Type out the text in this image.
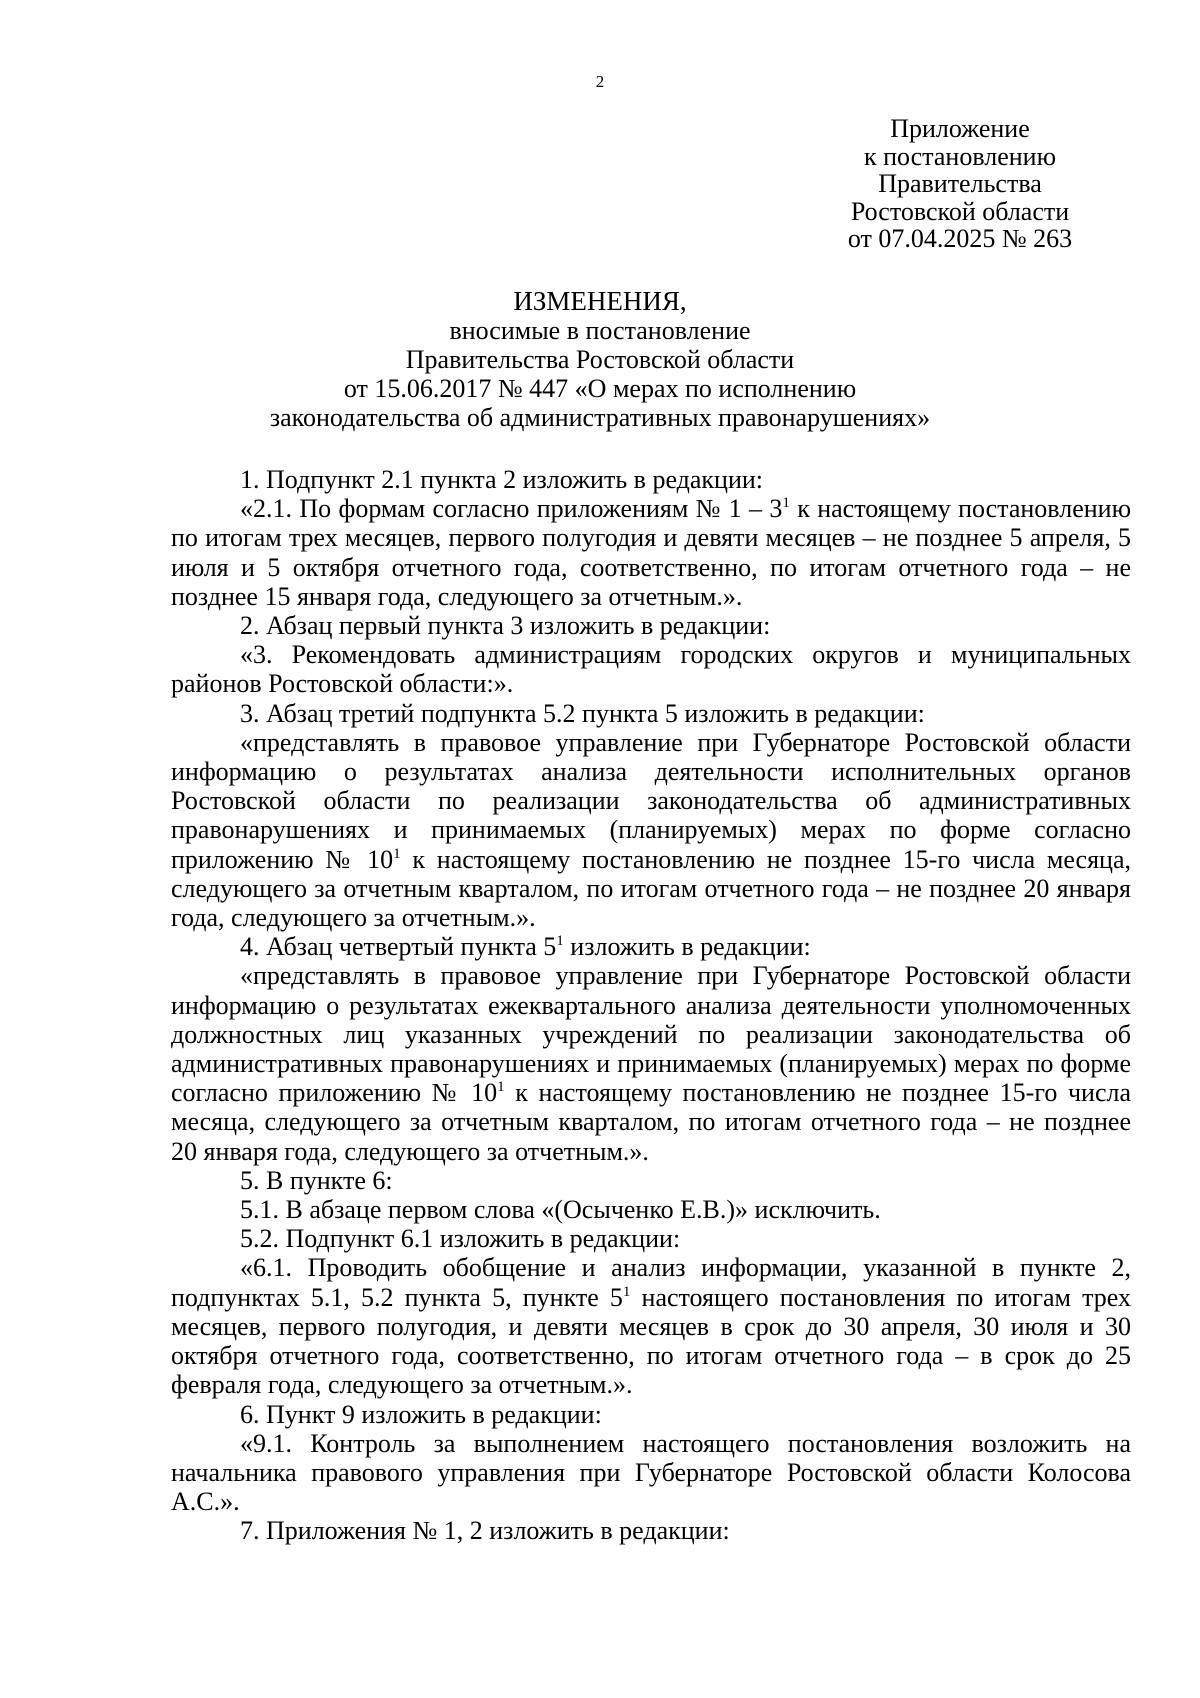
2
Приложение
к постановлению
Правительства
Ростовской области
от 07.04.2025 № 263
ИЗМЕНЕНИЯ,
вносимые в постановление
Правительства Ростовской области
от 15.06.2017 № 447 «О мерах по исполнению
законодательства об административных правонарушениях»

1. Подпункт 2.1 пункта 2 изложить в редакции:

«2.1. По формам согласно приложениям № $1 - 3^1$ к настоящему постановлению по итогам трех месяцев, первого полугодия и девяти месяцев – не позднее 5 апреля, 5 июля и 5 октября отчетного года, соответственно, по итогам отчетного года – не позднее 15 января года, следующего за отчетным.».

2. Абзац первый пункта 3 изложить в редакции:

«3. Рекомендовать администрациям городских округов и муниципальных районов Ростовской области:».

3. Абзац третий подпункта 5.2 пункта 5 изложить в редакции:

«представлять в правовое управление при Губернаторе Ростовской области информацию о результатах анализа деятельности исполнительных органов Ростовской области по реализации законодательства об административных правонарушениях и принимаемых (планируемых) мерах по форме согласно приложению № $10^1$ к настоящему постановлению не позднее 15-го числа месяца, следующего за отчетным кварталом, по итогам отчетного года – не позднее 20 января года, следующего за отчетным.».

4. Абзац четвертый пункта $5^1$ изложить в редакции:

«представлять в правовое управление при Губернаторе Ростовской области информацию о результатах ежеквартального анализа деятельности уполномоченных должностных лиц указанных учреждений по реализации законодательства об административных правонарушениях и принимаемых (планируемых) мерах по форме согласно приложению № $10^1$ к настоящему постановлению не позднее 15-го числа месяца, следующего за отчетным кварталом, по итогам отчетного года – не позднее 20 января года, следующего за отчетным.».

5. В пункте 6:

5.1. В абзаце первом слова «(Осыченко Е.В.)» исключить.

5.2. Подпункт 6.1 изложить в редакции:

«6.1. Проводить обобщение и анализ информации, указанной в пункте 2, подпунктах 5.1, 5.2 пункта 5, пункте $5^1$ настоящего постановления по итогам трех месяцев, первого полугодия, и девяти месяцев в срок до 30 апреля, 30 июля и 30 октября отчетного года, соответственно, по итогам отчетного года – в срок до 25 февраля года, следующего за отчетным.».

6. Пункт 9 изложить в редакции:

«9.1. Контроль за выполнением настоящего постановления возложить на начальника правового управления при Губернаторе Ростовской области Колосова А.С.».

7. Приложения № 1, 2 изложить в редакции:
